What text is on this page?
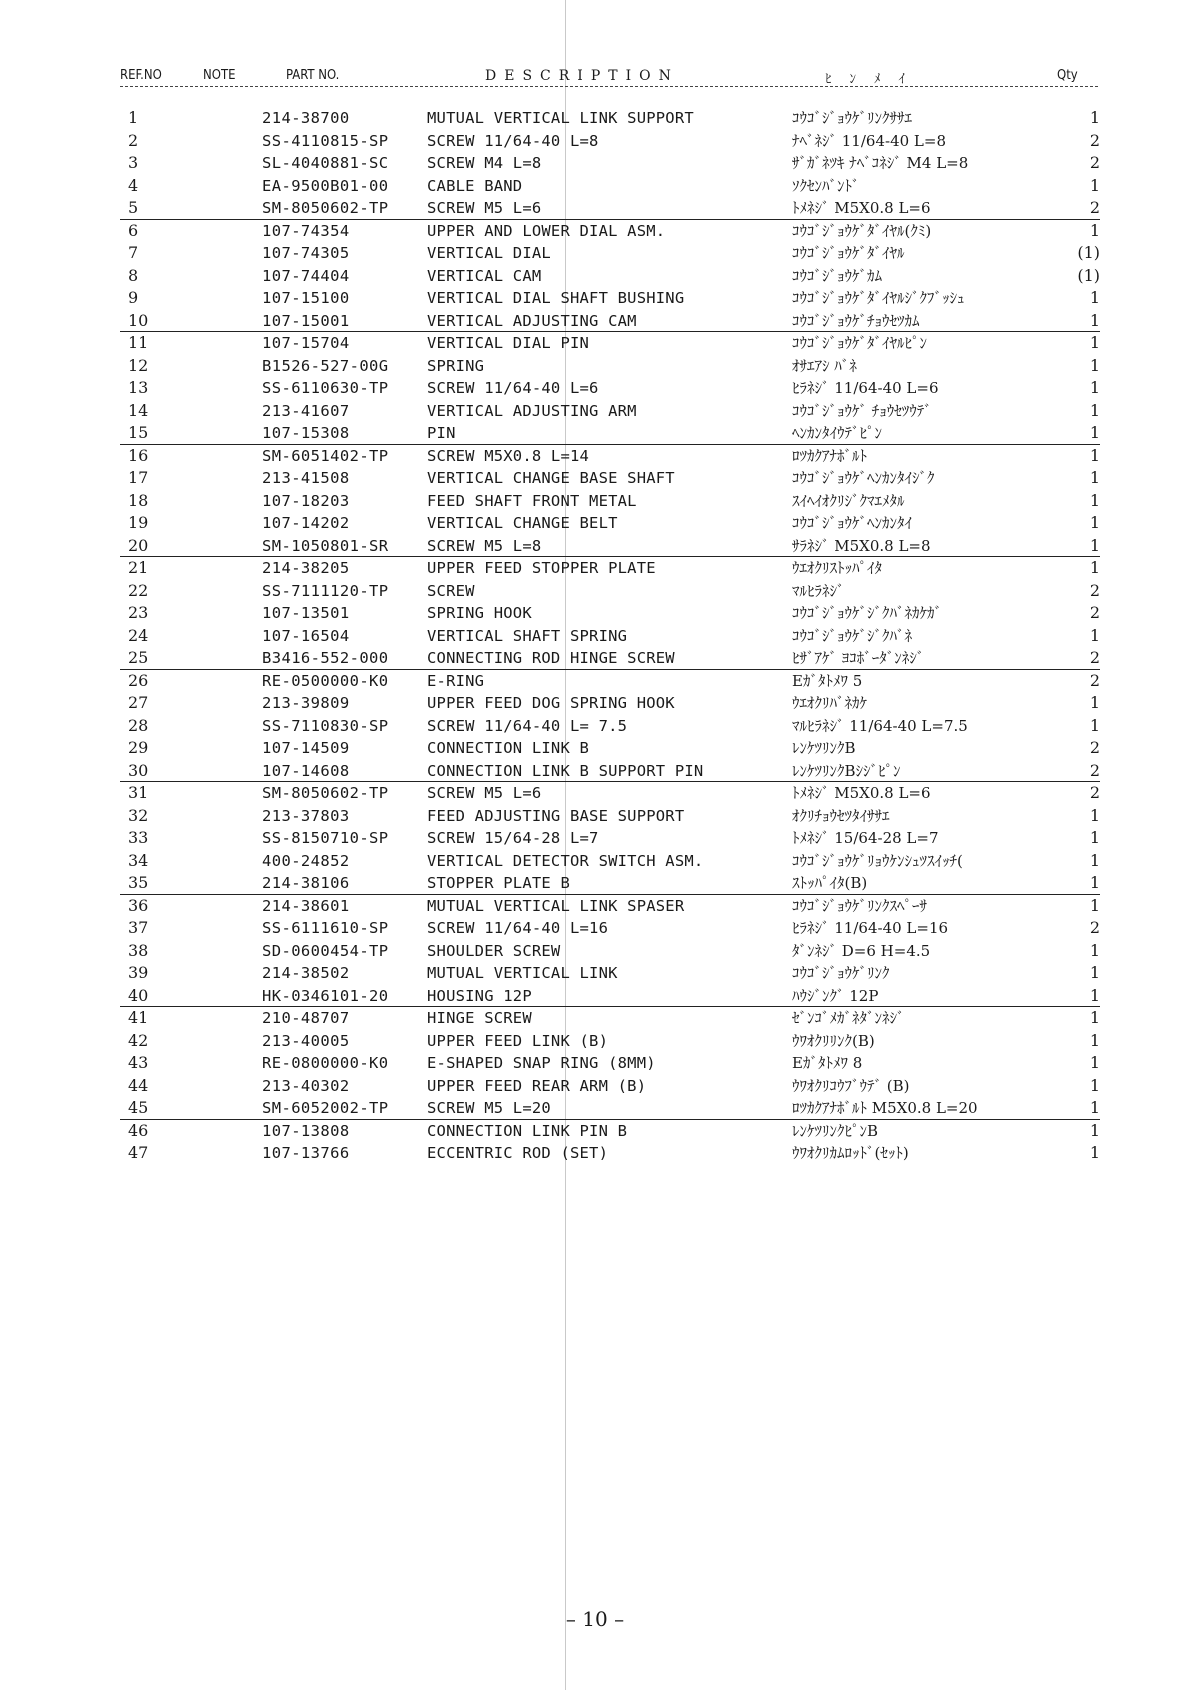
REF.NO	NOTE	PART NO.	DESCRIPTION	ﾋﾝﾒｲ	Qty
1	214-38700	MUTUAL VERTICAL LINK SUPPORT	ｺｳｺﾞｼﾞｮｳｹﾞﾘﾝｸｻｻｴ	1
2	SS-4110815-SP SCREW 11/64-40 L=8	ﾅﾍﾞﾈｼﾞ 11/64-40 L=8	2
3	SL-4040881-SC SCREW M4 L=8	ｻﾞｶﾞﾈﾂｷ ﾅﾍﾞｺﾈｼﾞ M4 L=8	2
4	EA-9500B01-00 CABLE BAND	ｿｸｾﾝﾊﾞﾝﾄﾞ	1
5	SM-8050602-TP SCREW M5 L=6	ﾄﾒﾈｼﾞ M5X0.8 L=6	2
6	107-74354	UPPER AND LOWER DIAL ASM.	ｺｳｺﾞｼﾞｮｳｹﾞﾀﾞｲﾔﾙ(ｸﾐ)	1
7	107-74305	VERTICAL DIAL	ｺｳｺﾞｼﾞｮｳｹﾞﾀﾞｲﾔﾙ	(1)
8	107-74404	VERTICAL CAM	ｺｳｺﾞｼﾞｮｳｹﾞｶﾑ	(1)
9	107-15100	VERTICAL DIAL SHAFT BUSHING	ｺｳｺﾞｼﾞｮｳｹﾞﾀﾞｲﾔﾙｼﾞｸﾌﾞｯｼｭ	1
10	107-15001	VERTICAL ADJUSTING CAM	ｺｳｺﾞｼﾞｮｳｹﾞﾁｮｳｾﾂｶﾑ	1
11	107-15704	VERTICAL DIAL PIN	ｺｳｺﾞｼﾞｮｳｹﾞﾀﾞｲﾔﾙﾋﾟﾝ	1
12	B1526-527-00G SPRING	ｵｻｴｱｼ ﾊﾞﾈ	1
13	SS-6110630-TP SCREW 11/64-40 L=6	ﾋﾗﾈｼﾞ 11/64-40 L=6	1
14	213-41607	VERTICAL ADJUSTING ARM	ｺｳｺﾞｼﾞｮｳｹﾞ ﾁｮｳｾﾂｳﾃﾞ	1
15	107-15308	PIN	ﾍﾝｶﾝﾀｲｳﾃﾞﾋﾟﾝ	1
16	SM-6051402-TP SCREW M5X0.8 L=14	ﾛﾂｶｸｱﾅﾎﾞﾙﾄ	1
17	213-41508	VERTICAL CHANGE BASE SHAFT	ｺｳｺﾞｼﾞｮｳｹﾞﾍﾝｶﾝﾀｲｼﾞｸ	1
18	107-18203	FEED SHAFT FRONT METAL	ｽｲﾍｲｵｸﾘｼﾞｸﾏｴﾒﾀﾙ	1
19	107-14202	VERTICAL CHANGE BELT	ｺｳｺﾞｼﾞｮｳｹﾞﾍﾝｶﾝﾀｲ	1
20	SM-1050801-SR SCREW M5 L=8	ｻﾗﾈｼﾞ M5X0.8 L=8	1
21	214-38205	UPPER FEED STOPPER PLATE	ｳｴｵｸﾘｽﾄｯﾊﾟｲﾀ	1
22	SS-7111120-TP SCREW	ﾏﾙﾋﾗﾈｼﾞ	2
23	107-13501	SPRING HOOK	ｺｳｺﾞｼﾞｮｳｹﾞｼﾞｸﾊﾞﾈｶｹｶﾞ	2
24	107-16504	VERTICAL SHAFT SPRING	ｺｳｺﾞｼﾞｮｳｹﾞｼﾞｸﾊﾞﾈ	1
25	B3416-552-000 CONNECTING ROD HINGE SCREW	ﾋｻﾞｱｹﾞ ﾖｺﾎﾞｰﾀﾞﾝﾈｼﾞ	2
26	RE-0500000-K0 E-RING	Eｶﾞﾀﾄﾒﾜ 5	2
27	213-39809	UPPER FEED DOG SPRING HOOK	ｳｴｵｸﾘﾊﾞﾈｶｹ	1
28	SS-7110830-SP SCREW 11/64-40 L= 7.5	ﾏﾙﾋﾗﾈｼﾞ 11/64-40 L=7.5	1
29	107-14509	CONNECTION LINK B	ﾚﾝｹﾂﾘﾝｸB	2
30	107-14608	CONNECTION LINK B SUPPORT PIN	ﾚﾝｹﾂﾘﾝｸBｼｼﾞﾋﾟﾝ	2
31	SM-8050602-TP SCREW M5 L=6	ﾄﾒﾈｼﾞ M5X0.8 L=6	2
32	213-37803	FEED ADJUSTING BASE SUPPORT	ｵｸﾘﾁｮｳｾﾂﾀｲｻｻｴ	1
33	SS-8150710-SP SCREW 15/64-28 L=7	ﾄﾒﾈｼﾞ 15/64-28 L=7	1
34	400-24852	VERTICAL DETECTOR SWITCH ASM.	ｺｳｺﾞｼﾞｮｳｹﾞﾘｮｳｹﾝｼｭﾂｽｲｯﾁ(	1
35	214-38106	STOPPER PLATE B	ｽﾄｯﾊﾟｲﾀ(B)	1
36	214-38601	MUTUAL VERTICAL LINK SPASER	ｺｳｺﾞｼﾞｮｳｹﾞﾘﾝｸｽﾍﾟｰｻ	1
37	SS-6111610-SP SCREW 11/64-40 L=16	ﾋﾗﾈｼﾞ 11/64-40 L=16	2
38	SD-0600454-TP SHOULDER SCREW	ﾀﾞﾝﾈｼﾞ D=6 H=4.5	1
39	214-38502	MUTUAL VERTICAL LINK	ｺｳｺﾞｼﾞｮｳｹﾞﾘﾝｸ	1
40	HK-0346101-20 HOUSING 12P	ﾊｳｼﾞﾝｸﾞ 12P	1
41	210-48707	HINGE SCREW	ｾﾞﾝｺﾞﾒｶﾞﾈﾀﾞﾝﾈｼﾞ	1
42	213-40005	UPPER FEED LINK (B)	ｳﾜｵｸﾘﾘﾝｸ(B)	1
43	RE-0800000-K0 E-SHAPED SNAP RING (8MM)	Eｶﾞﾀﾄﾒﾜ 8	1
44	213-40302	UPPER FEED REAR ARM (B)	ｳﾜｵｸﾘｺｳﾌﾞｳﾃﾞ (B)	1
45	SM-6052002-TP SCREW M5 L=20	ﾛﾂｶｸｱﾅﾎﾞﾙﾄ M5X0.8 L=20	1
46	107-13808	CONNECTION LINK PIN B	ﾚﾝｹﾂﾘﾝｸﾋﾟﾝB	1
47	107-13766	ECCENTRIC ROD (SET)	ｳﾜｵｸﾘｶﾑﾛｯﾄﾞ(ｾｯﾄ)	1
– 10 –
